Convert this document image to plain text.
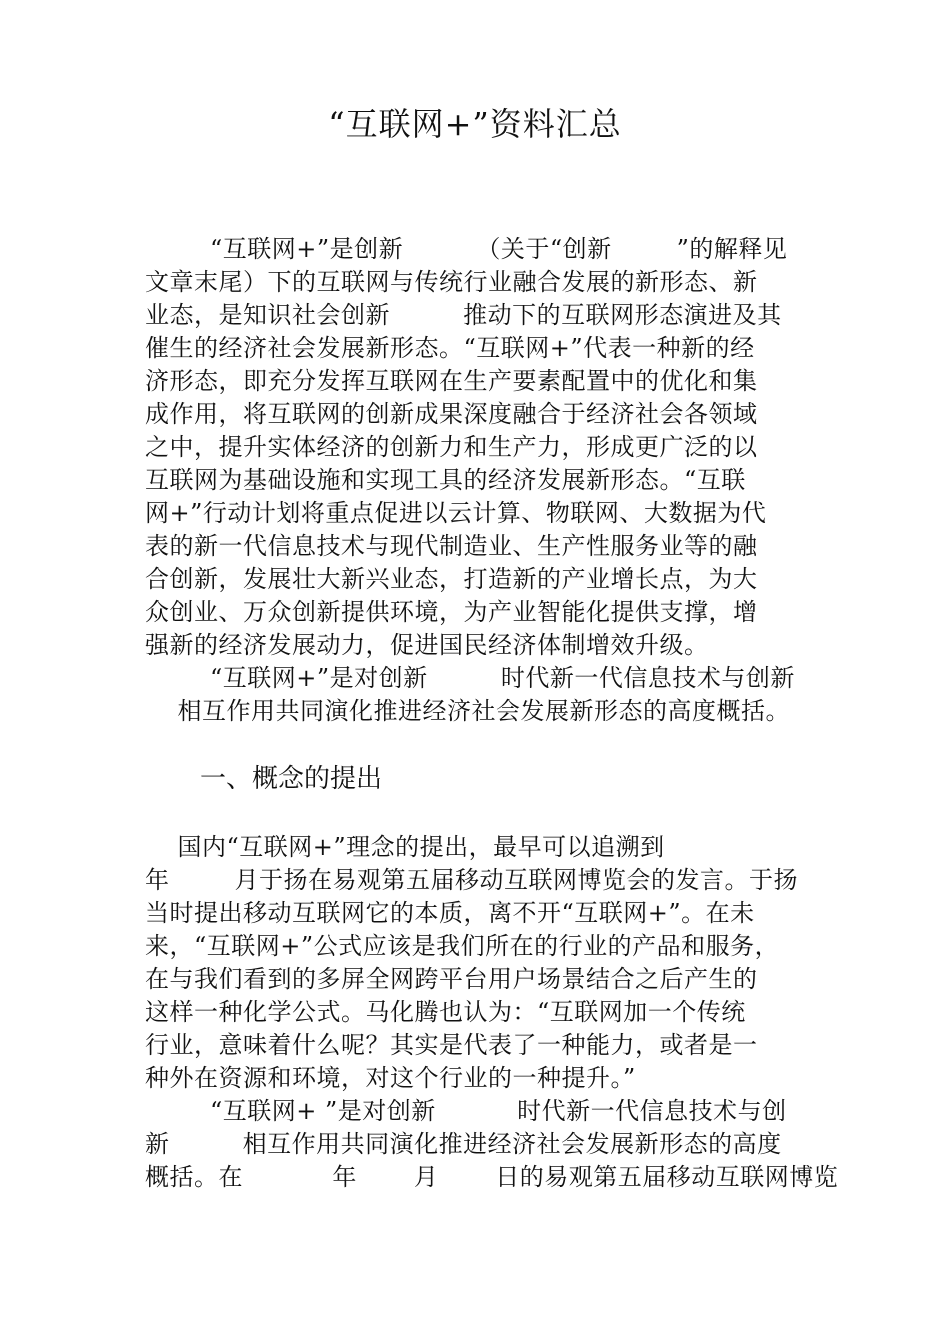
“互联网+”资料汇总
“互联网+”是创新         （关于“创新        ”的解释见
文章末尾）下的互联网与传统行业融合发展的新形态、新
业态，是知识社会创新         推动下的互联网形态演进及其
催生的经济社会发展新形态。“互联网+”代表一种新的经
济形态，即充分发挥互联网在生产要素配置中的优化和集
成作用，将互联网的创新成果深度融合于经济社会各领域
之中，提升实体经济的创新力和生产力，形成更广泛的以
互联网为基础设施和实现工具的经济发展新形态。“互联
网+”行动计划将重点促进以云计算、物联网、大数据为代
表的新一代信息技术与现代制造业、生产性服务业等的融
合创新，发展壮大新兴业态，打造新的产业增长点，为大
众创业、万众创新提供环境，为产业智能化提供支撑，增
强新的经济发展动力，促进国民经济体制增效升级。
“互联网+”是对创新         时代新一代信息技术与创新
相互作用共同演化推进经济社会发展新形态的高度概括。
一、概念的提出
国内“互联网+”理念的提出，最早可以追溯到
年        月于扬在易观第五届移动互联网博览会的发言。于扬
当时提出移动互联网它的本质，离不开“互联网+”。在未
来，“互联网+”公式应该是我们所在的行业的产品和服务，
在与我们看到的多屏全网跨平台用户场景结合之后产生的
这样一种化学公式。马化腾也认为：“互联网加一个传统
行业，意味着什么呢？其实是代表了一种能力，或者是一
种外在资源和环境，对这个行业的一种提升。”
“互联网+ ”是对创新          时代新一代信息技术与创
新         相互作用共同演化推进经济社会发展新形态的高度
概括。在           年       月       日的易观第五届移动互联网博览
